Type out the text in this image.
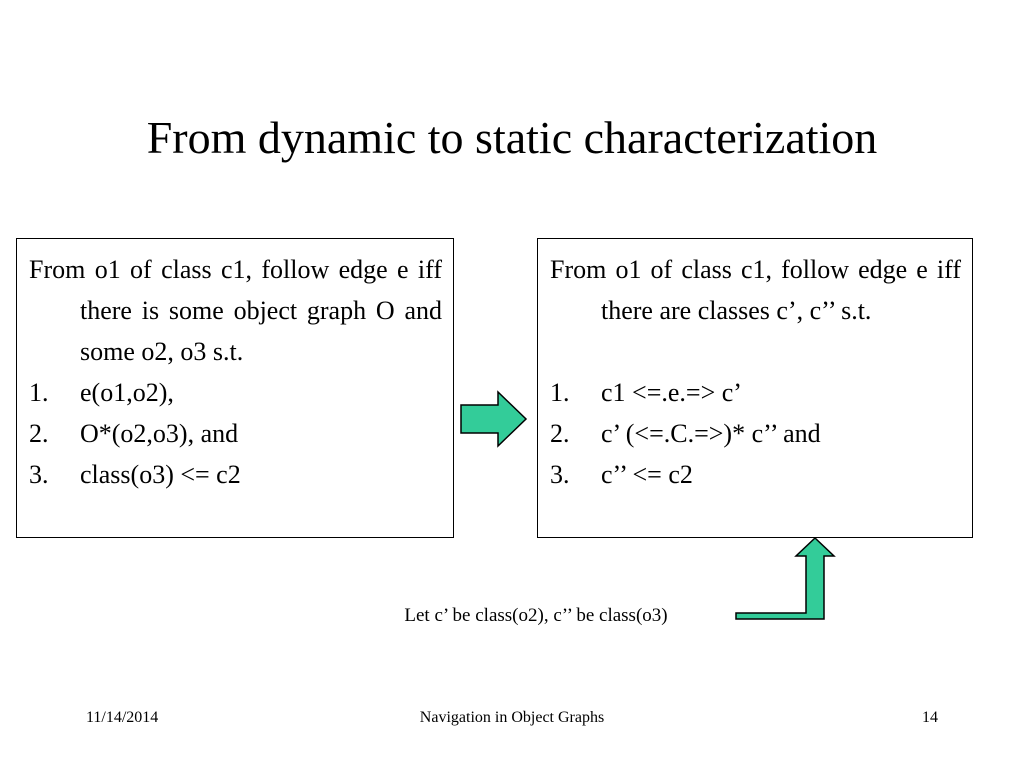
From dynamic to static characterization
From o1 of class c1, follow edge e iff there is some object graph O and some o2, o3 s.t.
1.	e(o1,o2),
2.	O*(o2,o3), and
3.	class(o3) <= c2
From o1 of class c1, follow edge e iff there are classes c’, c’’ s.t.
1.	c1 <=.e.=> c’
2.	c’ (<=.C.=>)* c’’ and
3.	c’’ <= c2
Let c’ be class(o2), c’’ be class(o3)
11/14/2014	Navigation in Object Graphs	14
